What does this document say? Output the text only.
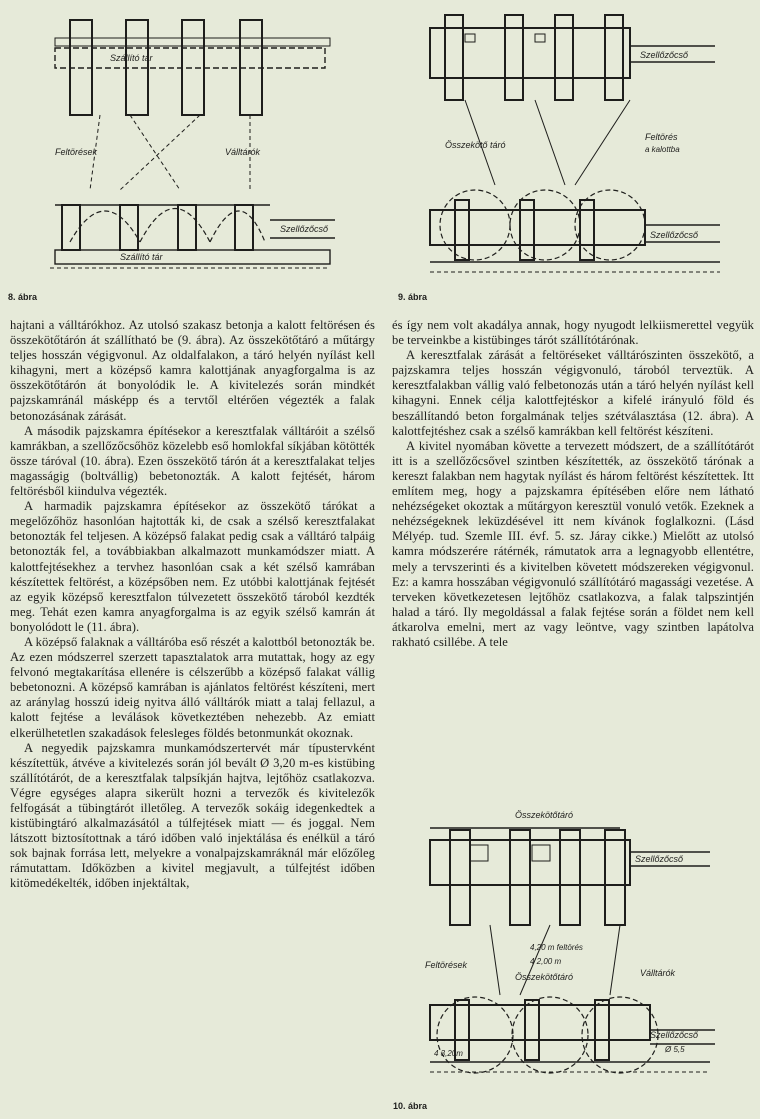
Szállító tár
Feltörések	Válltárók
Szellőzőcső
Szállító tár
8. ábra
Szellőzőcső
Összekötő táró
Feltörés
a kalottba
Szellőzőcső
9. ábra

hajtani a válltárókhoz. Az utolsó szakasz betonja a kalott feltörésen és összekötőtárón át szállítható be (9. ábra). Az összekötőtáró a műtárgy teljes hosszán végigvonul. Az oldalfalakon, a táró helyén nyílást kell kihagyni, mert a középső kamra kalottjának anyagforgalma is az összekötőtárón át bonyolódik le. A kivitelezés során mindkét pajzskamránál másképp és a tervtől eltérően végezték a falak betonozásának zárását.

A második pajzskamra építésekor a keresztfalak válltáróit a szélső kamrákban, a szellőzőcsőhöz közelebb eső homlokfal síkjában kötötték össze táróval (10. ábra). Ezen összekötő tárón át a keresztfalakat teljes magasságig (boltvállig) bebetonozták. A kalott fejtését, három feltörésből kiindulva végezték.

A harmadik pajzskamra építésekor az összekötő tárókat a megelőzőhöz hasonlóan hajtották ki, de csak a szélső keresztfalakat betonozták fel teljesen. A középső falakat pedig csak a válltáró talpáig betonozták fel, a továbbiakban alkalmazott munkamódszer miatt. A kalottfejtésekhez a tervhez hasonlóan csak a két szélső kamrában készítettek feltörést, a középsőben nem. Ez utóbbi kalottjának fejtését az egyik középső keresztfalon túlvezetett összekötő tároból kezdték meg. Tehát ezen kamra anyagforgalma is az egyik szélső kamrán át bonyolódott le (11. ábra).

A középső falaknak a válltáróba eső részét a kalottból betonozták be. Az ezen módszerrel szerzett tapasztalatok arra mutattak, hogy az egy felvonó megtakarítása ellenére is célszerűbb a középső falakat vállig bebetonozni. A középső kamrában is ajánlatos feltörést készíteni, mert az aránylag hosszú ideig nyitva álló válltárók miatt a talaj fellazul, a kalott fejtése a leválások következtében nehezebb. Az emiatt elkerülhetetlen szakadások felesleges földés betonmunkát okoznak.

A negyedik pajzskamra munkamódszertervét már típustervként készítettük, átvéve a kivitelezés során jól bevált Ø 3,20 m-es kistübing szállítótárót, de a keresztfalak talpsíkján hajtva, lejtőhöz csatlakozva. Végre egységes alapra sikerült hozni a tervezők és kivitelezők felfogását a tübingtárót illetőleg. A tervezők sokáig idegenkedtek a kistübingtáró alkalmazásától a túlfejtések miatt — és joggal. Nem látszott biztosítottnak a táró időben való injektálása és enélkül a táró sok bajnak forrása lett, melyekre a vonalpajzskamráknál már előzőleg rámutattam. Időközben a kivitel megjavult, a túlfejtést időben kitömedékelték, időben injektáltak,

és így nem volt akadálya annak, hogy nyugodt lelkiismerettel vegyük be terveinkbe a kistübinges tárót szállítótárónak.

A keresztfalak zárását a feltöréseket válltárószinten összekötő, a pajzskamra teljes hosszán végigvonuló, tároból terveztük. A keresztfalakban vállig való felbetonozás után a táró helyén nyílást kell kihagyni. Ennek célja kalottfejtéskor a kifelé irányuló föld és beszállítandó beton forgalmának teljes szétválasztása (12. ábra). A kalottfejtéshez csak a szélső kamrákban kell feltörést készíteni.

A kivitel nyomában követte a tervezett módszert, de a szállítótárót itt is a szellőzőcsővel szintben készítették, az összekötő tárónak a kereszt falakban nem hagytak nyílást és három feltörést készítettek. Itt említem meg, hogy a pajzskamra építésében előre nem látható nehézségeket okoztak a műtárgyon keresztül vonuló vetők. Ezeknek a nehézségeknek leküzdésével itt nem kívánok foglalkozni. (Lásd Mélyép. tud. Szemle III. évf. 5. sz. Járay cikke.) Mielőtt az utolsó kamra módszerére rátérnék, rámutatok arra a legnagyobb ellentétre, mely a tervszerinti és a kivitelben követett módszereken végigvonul. Ez: a kamra hosszában végigvonuló szállítótáró magassági vezetése. A terveken következetesen lejtőhöz csatlakozva, a falak talpszintjén halad a táró. Ily megoldással a falak fejtése során a földet nem kell átkarolva emelni, mert az vagy leöntve, vagy szintben lapátolva rakható csillébe. A tele

Összekötőtáró
Szellőzőcső
Feltörések
4,20 m feltörés
4 2,00 m
Összekötőtáró	Válltárók
4 3,20m
Szellőzőcső
Ø 5,5
10. ábra
